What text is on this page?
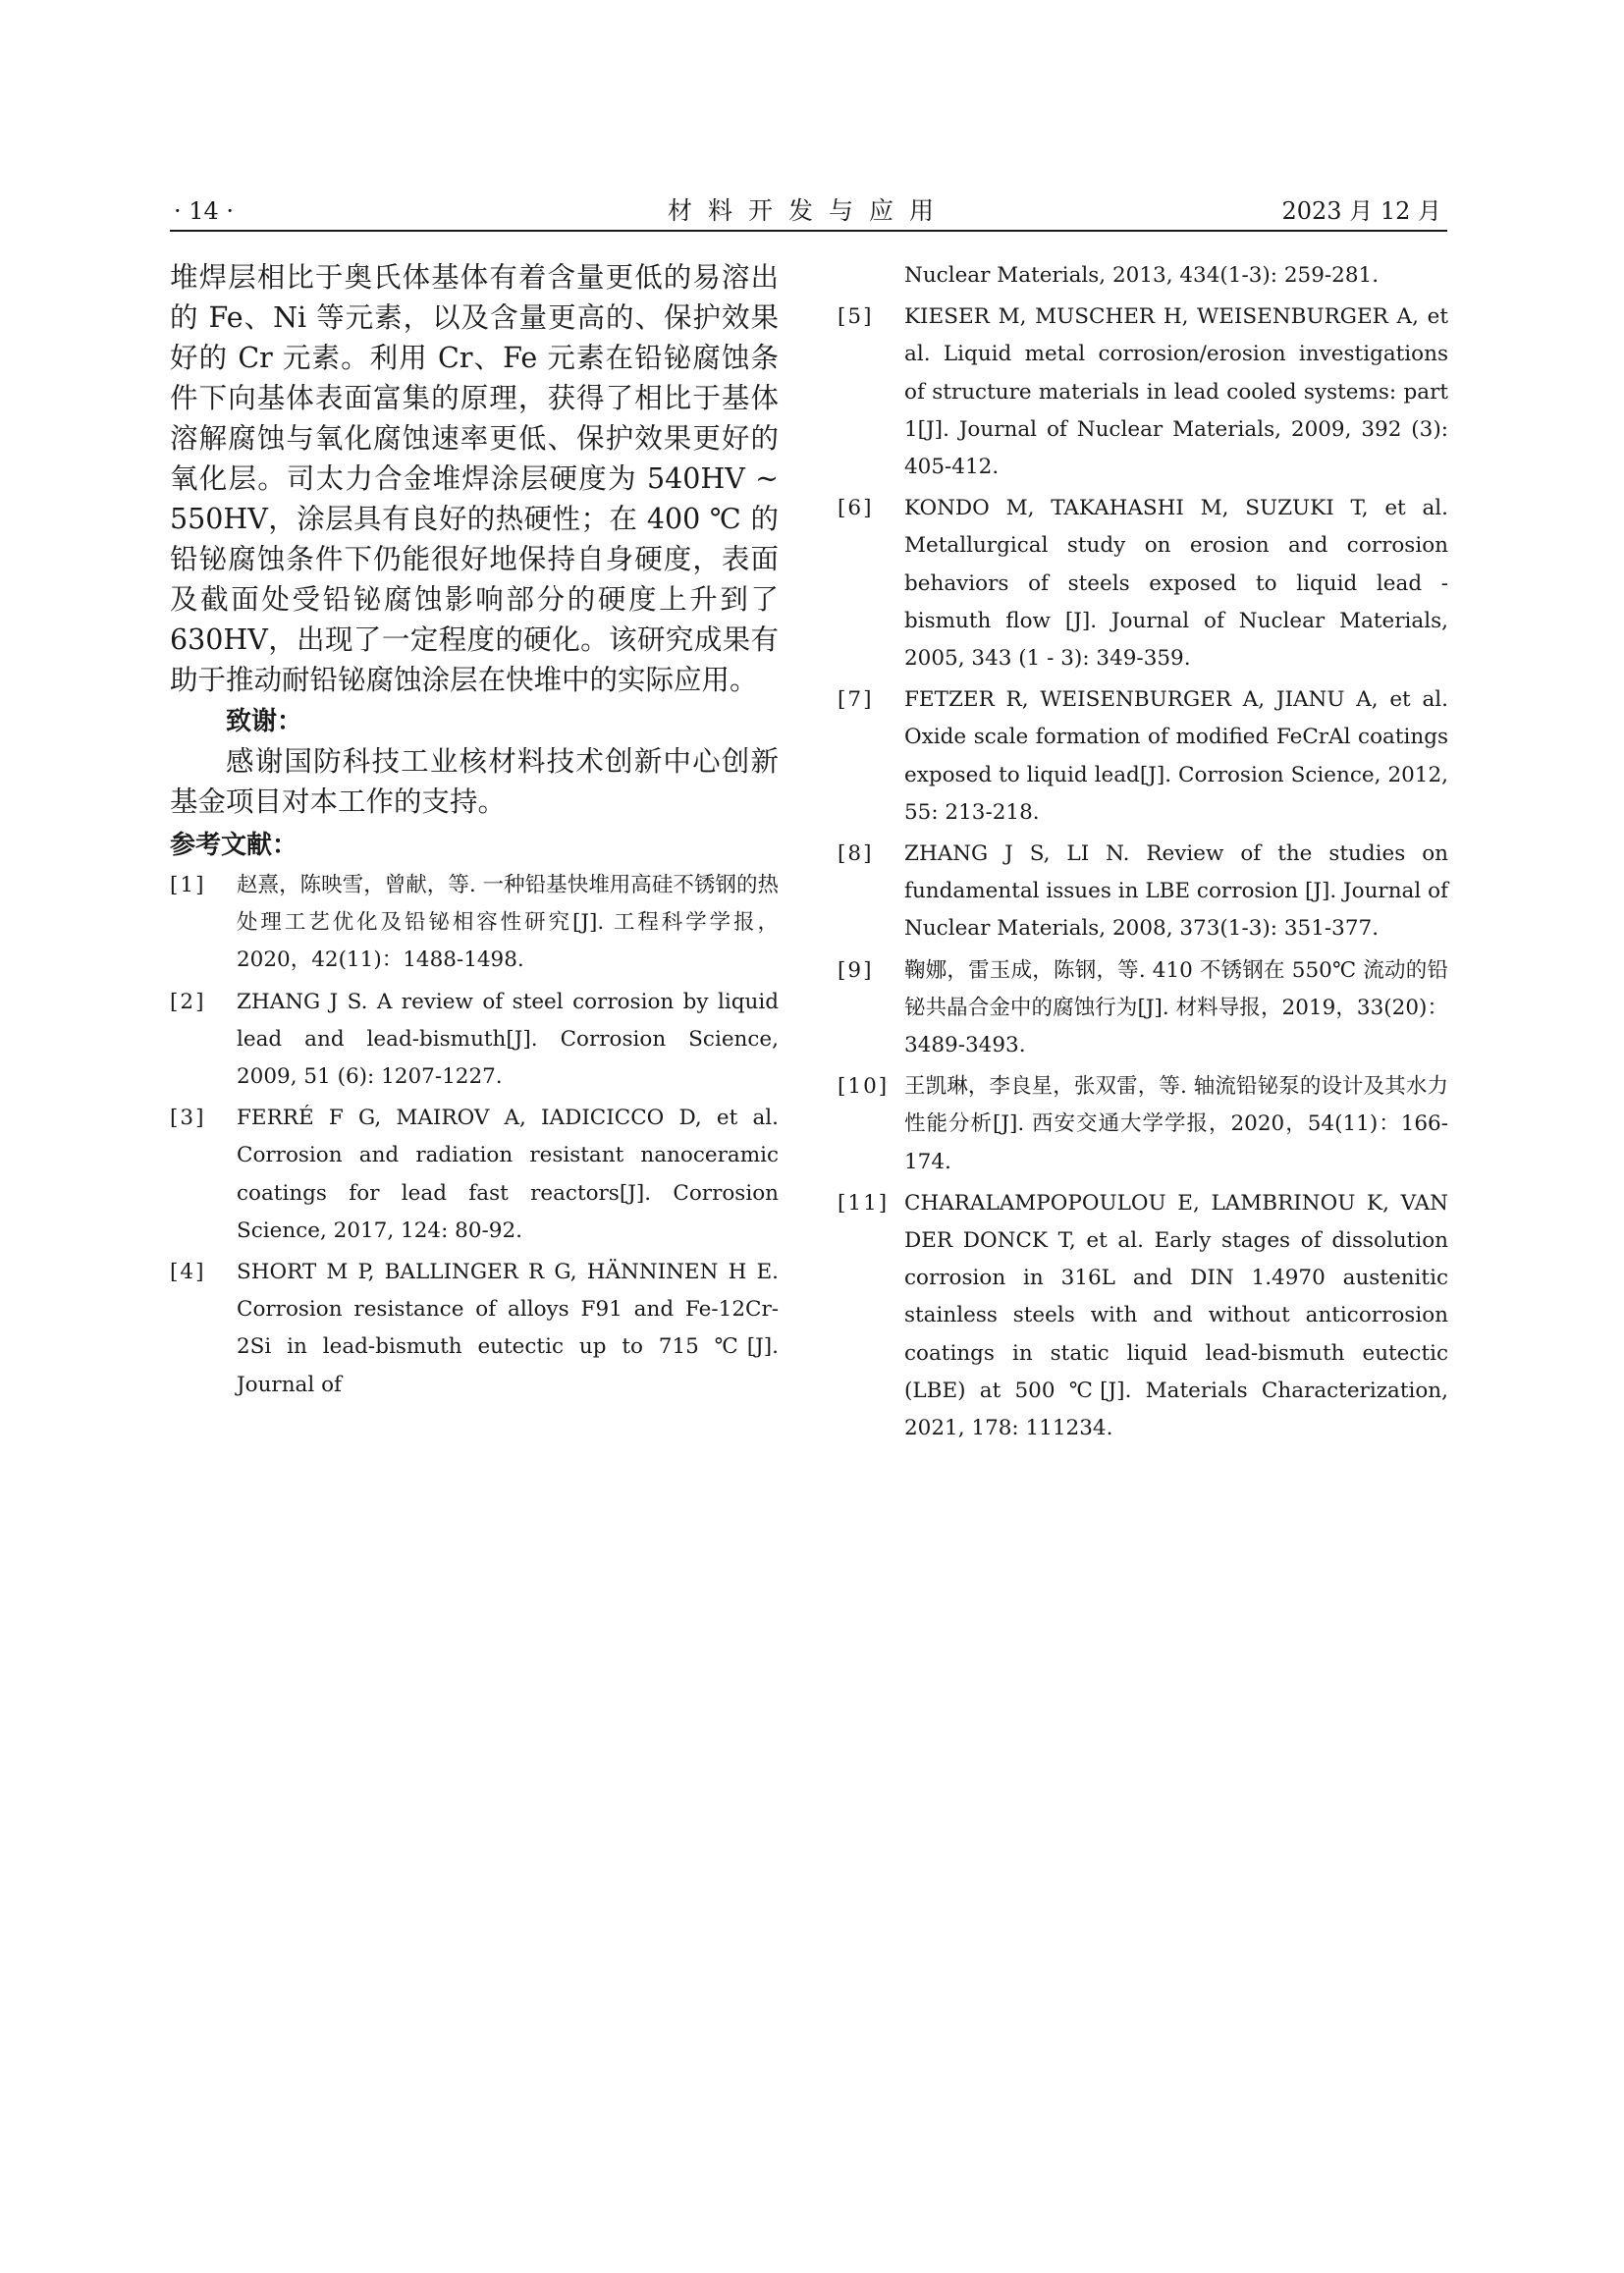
· 14 ·	材料开发与应用	2023 月 12 月

堆焊层相比于奥氏体基体有着含量更低的易溶出的 Fe、Ni 等元素，以及含量更高的、保护效果好的 Cr 元素。利用 Cr、Fe 元素在铅铋腐蚀条件下向基体表面富集的原理，获得了相比于基体溶解腐蚀与氧化腐蚀速率更低、保护效果更好的氧化层。司太力合金堆焊涂层硬度为 540HV ~ 550HV，涂层具有良好的热硬性；在 400 ℃ 的铅铋腐蚀条件下仍能很好地保持自身硬度，表面及截面处受铅铋腐蚀影响部分的硬度上升到了 630HV，出现了一定程度的硬化。该研究成果有助于推动耐铅铋腐蚀涂层在快堆中的实际应用。

致谢：

感谢国防科技工业核材料技术创新中心创新基金项目对本工作的支持。

参考文献：

[1] 赵熹，陈映雪，曾献，等. 一种铅基快堆用高硅不锈钢的热处理工艺优化及铅铋相容性研究[J]. 工程科学学报，2020，42(11)：1488-1498.
[2] ZHANG J S. A review of steel corrosion by liquid lead and lead-bismuth[J]. Corrosion Science, 2009, 51 (6): 1207-1227.
[3] FERRÉ F G, MAIROV A, IADICICCO D, et al. Corrosion and radiation resistant nanoceramic coatings for lead fast reactors[J]. Corrosion Science, 2017, 124: 80-92.
[4] SHORT M P, BALLINGER R G, HÄNNINEN H E. Corrosion resistance of alloys F91 and Fe-12Cr-2Si in lead-bismuth eutectic up to 715 ℃[J]. Journal of

Nuclear Materials, 2013, 434(1-3): 259-281.

[5] KIESER M, MUSCHER H, WEISENBURGER A, et al. Liquid metal corrosion/erosion investigations of structure materials in lead cooled systems: part 1[J]. Journal of Nuclear Materials, 2009, 392 (3): 405-412.
[6] KONDO M, TAKAHASHI M, SUZUKI T, et al. Metallurgical study on erosion and corrosion behaviors of steels exposed to liquid lead - bismuth flow [J]. Journal of Nuclear Materials, 2005, 343 (1 - 3): 349-359.
[7] FETZER R, WEISENBURGER A, JIANU A, et al. Oxide scale formation of modified FeCrAl coatings exposed to liquid lead[J]. Corrosion Science, 2012, 55: 213-218.
[8] ZHANG J S, LI N. Review of the studies on fundamental issues in LBE corrosion [J]. Journal of Nuclear Materials, 2008, 373(1-3): 351-377.
[9] 鞠娜，雷玉成，陈钢，等. 410 不锈钢在 550℃ 流动的铅铋共晶合金中的腐蚀行为[J]. 材料导报，2019，33(20)：3489-3493.
[10] 王凯琳，李良星，张双雷，等. 轴流铅铋泵的设计及其水力性能分析[J]. 西安交通大学学报，2020，54(11)：166-174.
[11] CHARALAMPOPOULOU E, LAMBRINOU K, VAN DER DONCK T, et al. Early stages of dissolution corrosion in 316L and DIN 1.4970 austenitic stainless steels with and without anticorrosion coatings in static liquid lead-bismuth eutectic (LBE) at 500 ℃[J]. Materials Characterization, 2021, 178: 111234.
